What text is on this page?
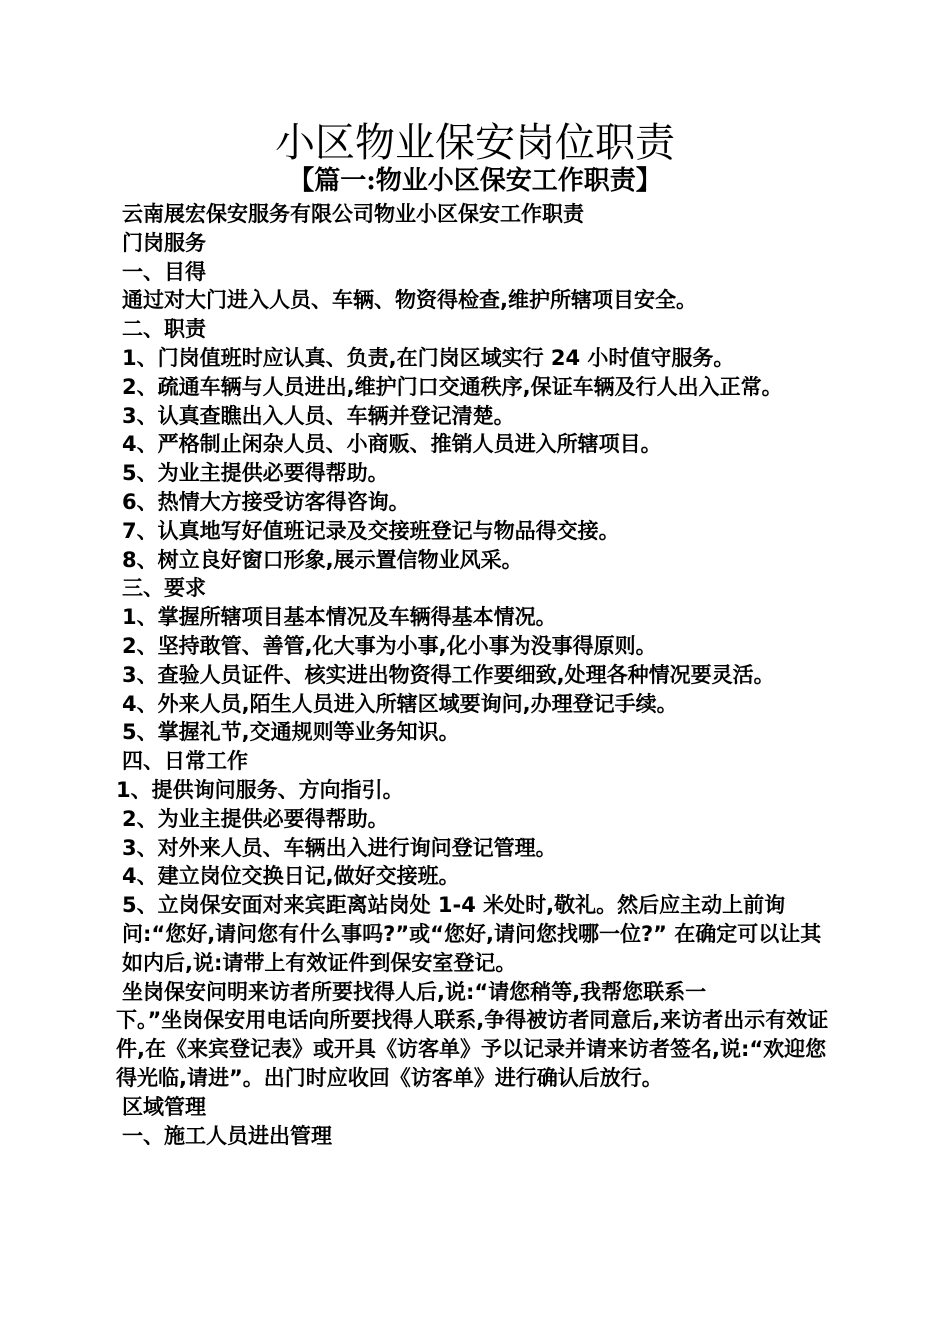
小区物业保安岗位职责
【篇一:物业小区保安工作职责】

云南展宏保安服务有限公司物业小区保安工作职责

门岗服务

一、目得

通过对大门进入人员、车辆、物资得检查,维护所辖项目安全。

二、职责

1、门岗值班时应认真、负责,在门岗区域实行 24 小时值守服务。

2、疏通车辆与人员进出,维护门口交通秩序,保证车辆及行人出入正常。

3、认真查瞧出入人员、车辆并登记清楚。

4、严格制止闲杂人员、小商贩、推销人员进入所辖项目。

5、为业主提供必要得帮助。

6、热情大方接受访客得咨询。

7、认真地写好值班记录及交接班登记与物品得交接。

8、树立良好窗口形象,展示置信物业风采。

三、要求

1、掌握所辖项目基本情况及车辆得基本情况。

2、坚持敢管、善管,化大事为小事,化小事为没事得原则。

3、查验人员证件、核实进出物资得工作要细致,处理各种情况要灵活。

4、外来人员,陌生人员进入所辖区域要询问,办理登记手续。

5、掌握礼节,交通规则等业务知识。

四、日常工作

1、提供询问服务、方向指引。

2、为业主提供必要得帮助。

3、对外来人员、车辆出入进行询问登记管理。

4、建立岗位交换日记,做好交接班。

5、立岗保安面对来宾距离站岗处 1-4 米处时,敬礼。然后应主动上前询问:“您好,请问您有什么事吗?”或“您好,请问您找哪一位?” 在确定可以让其如内后,说:请带上有效证件到保安室登记。

坐岗保安问明来访者所要找得人后,说:“请您稍等,我帮您联系一

下。”坐岗保安用电话向所要找得人联系,争得被访者同意后,来访者出示有效证件,在《来宾登记表》或开具《访客单》予以记录并请来访者签名,说:“欢迎您得光临,请进”。出门时应收回《访客单》进行确认后放行。

区域管理

一、施工人员进出管理
